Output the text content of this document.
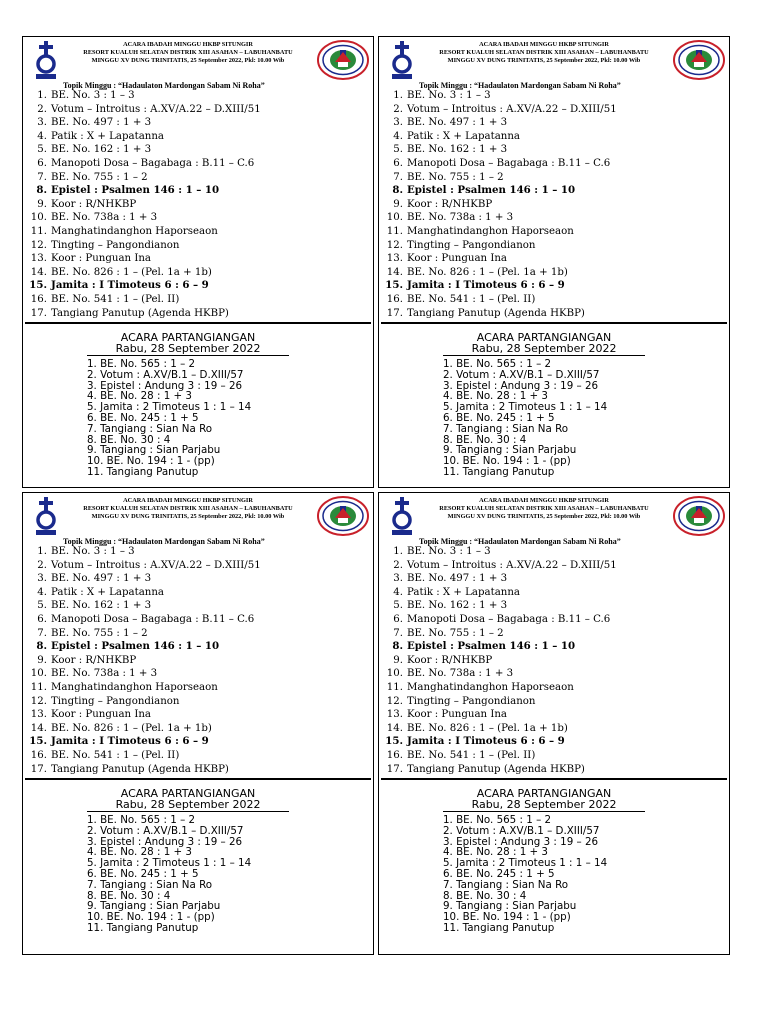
ACARA IBADAH MINGGU HKBP SITUNGIR
RESORT KUALUH SELATAN DISTRIK XIII ASAHAN – LABUHANBATU
MINGGU XV DUNG TRINITATIS, 25 September 2022, Pkl: 10.00 Wib
Topik Minggu : “Hadaulaton Mardongan Sabam Ni Roha”
1. BE. No. 3 : 1 – 3
2. Votum – Introitus : A.XV/A.22 – D.XIII/51
3. BE. No. 497 : 1 + 3
4. Patik : X + Lapatanna
5. BE. No. 162 : 1 + 3
6. Manopoti Dosa – Bagabaga : B.11 – C.6
7. BE. No. 755 : 1 – 2
8. Epistel : Psalmen 146 : 1 – 10
9. Koor : R/NHKBP
10. BE. No. 738a : 1 + 3
11. Manghatindanghon Haporseaon
12. Tingting – Pangondianon
13. Koor : Punguan Ina
14. BE. No. 826 : 1 – (Pel. 1a + 1b)
15. Jamita : I Timoteus 6 : 6 – 9
16. BE. No. 541 : 1 – (Pel. II)
17. Tangiang Panutup (Agenda HKBP)
ACARA PARTANGIANGAN
Rabu, 28 September 2022
1. BE. No. 565 : 1 – 2
2. Votum : A.XV/B.1 – D.XIII/57
3. Epistel : Andung 3 : 19 – 26
4. BE. No. 28 : 1 + 3
5. Jamita : 2 Timoteus 1 : 1 – 14
6. BE. No. 245 : 1 + 5
7. Tangiang : Sian Na Ro
8. BE. No. 30 : 4
9. Tangiang : Sian Parjabu
10. BE. No. 194 : 1 - (pp)
11. Tangiang Panutup
ACARA IBADAH MINGGU HKBP SITUNGIR
RESORT KUALUH SELATAN DISTRIK XIII ASAHAN – LABUHANBATU
MINGGU XV DUNG TRINITATIS, 25 September 2022, Pkl: 10.00 Wib
Topik Minggu : “Hadaulaton Mardongan Sabam Ni Roha”
1. BE. No. 3 : 1 – 3
2. Votum – Introitus : A.XV/A.22 – D.XIII/51
3. BE. No. 497 : 1 + 3
4. Patik : X + Lapatanna
5. BE. No. 162 : 1 + 3
6. Manopoti Dosa – Bagabaga : B.11 – C.6
7. BE. No. 755 : 1 – 2
8. Epistel : Psalmen 146 : 1 – 10
9. Koor : R/NHKBP
10. BE. No. 738a : 1 + 3
11. Manghatindanghon Haporseaon
12. Tingting – Pangondianon
13. Koor : Punguan Ina
14. BE. No. 826 : 1 – (Pel. 1a + 1b)
15. Jamita : I Timoteus 6 : 6 – 9
16. BE. No. 541 : 1 – (Pel. II)
17. Tangiang Panutup (Agenda HKBP)
ACARA PARTANGIANGAN
Rabu, 28 September 2022
1. BE. No. 565 : 1 – 2
2. Votum : A.XV/B.1 – D.XIII/57
3. Epistel : Andung 3 : 19 – 26
4. BE. No. 28 : 1 + 3
5. Jamita : 2 Timoteus 1 : 1 – 14
6. BE. No. 245 : 1 + 5
7. Tangiang : Sian Na Ro
8. BE. No. 30 : 4
9. Tangiang : Sian Parjabu
10. BE. No. 194 : 1 - (pp)
11. Tangiang Panutup
ACARA IBADAH MINGGU HKBP SITUNGIR
RESORT KUALUH SELATAN DISTRIK XIII ASAHAN – LABUHANBATU
MINGGU XV DUNG TRINITATIS, 25 September 2022, Pkl: 10.00 Wib
Topik Minggu : “Hadaulaton Mardongan Sabam Ni Roha”
1. BE. No. 3 : 1 – 3
2. Votum – Introitus : A.XV/A.22 – D.XIII/51
3. BE. No. 497 : 1 + 3
4. Patik : X + Lapatanna
5. BE. No. 162 : 1 + 3
6. Manopoti Dosa – Bagabaga : B.11 – C.6
7. BE. No. 755 : 1 – 2
8. Epistel : Psalmen 146 : 1 – 10
9. Koor : R/NHKBP
10. BE. No. 738a : 1 + 3
11. Manghatindanghon Haporseaon
12. Tingting – Pangondianon
13. Koor : Punguan Ina
14. BE. No. 826 : 1 – (Pel. 1a + 1b)
15. Jamita : I Timoteus 6 : 6 – 9
16. BE. No. 541 : 1 – (Pel. II)
17. Tangiang Panutup (Agenda HKBP)
ACARA PARTANGIANGAN
Rabu, 28 September 2022
1. BE. No. 565 : 1 – 2
2. Votum : A.XV/B.1 – D.XIII/57
3. Epistel : Andung 3 : 19 – 26
4. BE. No. 28 : 1 + 3
5. Jamita : 2 Timoteus 1 : 1 – 14
6. BE. No. 245 : 1 + 5
7. Tangiang : Sian Na Ro
8. BE. No. 30 : 4
9. Tangiang : Sian Parjabu
10. BE. No. 194 : 1 - (pp)
11. Tangiang Panutup
ACARA IBADAH MINGGU HKBP SITUNGIR
RESORT KUALUH SELATAN DISTRIK XIII ASAHAN – LABUHANBATU
MINGGU XV DUNG TRINITATIS, 25 September 2022, Pkl: 10.00 Wib
Topik Minggu : “Hadaulaton Mardongan Sabam Ni Roha”
1. BE. No. 3 : 1 – 3
2. Votum – Introitus : A.XV/A.22 – D.XIII/51
3. BE. No. 497 : 1 + 3
4. Patik : X + Lapatanna
5. BE. No. 162 : 1 + 3
6. Manopoti Dosa – Bagabaga : B.11 – C.6
7. BE. No. 755 : 1 – 2
8. Epistel : Psalmen 146 : 1 – 10
9. Koor : R/NHKBP
10. BE. No. 738a : 1 + 3
11. Manghatindanghon Haporseaon
12. Tingting – Pangondianon
13. Koor : Punguan Ina
14. BE. No. 826 : 1 – (Pel. 1a + 1b)
15. Jamita : I Timoteus 6 : 6 – 9
16. BE. No. 541 : 1 – (Pel. II)
17. Tangiang Panutup (Agenda HKBP)
ACARA PARTANGIANGAN
Rabu, 28 September 2022
1. BE. No. 565 : 1 – 2
2. Votum : A.XV/B.1 – D.XIII/57
3. Epistel : Andung 3 : 19 – 26
4. BE. No. 28 : 1 + 3
5. Jamita : 2 Timoteus 1 : 1 – 14
6. BE. No. 245 : 1 + 5
7. Tangiang : Sian Na Ro
8. BE. No. 30 : 4
9. Tangiang : Sian Parjabu
10. BE. No. 194 : 1 - (pp)
11. Tangiang Panutup
